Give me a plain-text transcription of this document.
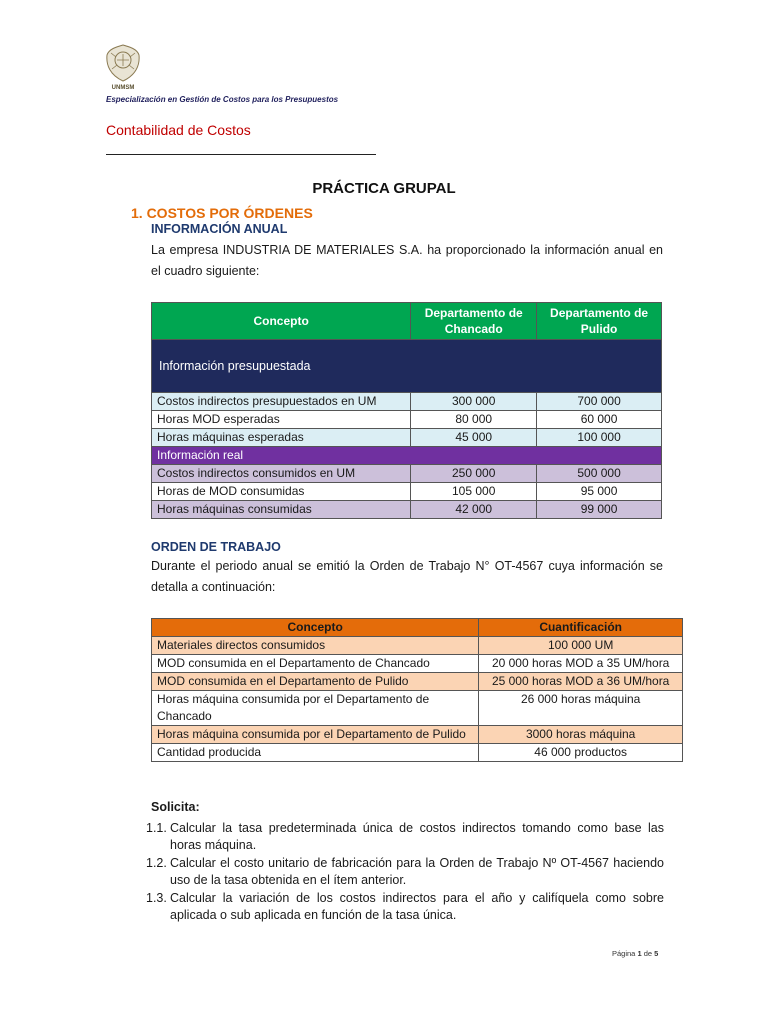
UNMSM
Especialización en Gestión de Costos para los Presupuestos
Contabilidad de Costos
PRÁCTICA GRUPAL
1. COSTOS POR ÓRDENES
INFORMACIÓN ANUAL
La empresa INDUSTRIA DE MATERIALES S.A. ha proporcionado la información anual en el cuadro siguiente:
Concepto	Departamento de Chancado	Departamento de Pulido
Información presupuestada		
Costos indirectos presupuestados en UM	300 000	700 000
Horas MOD esperadas	80 000	60 000
Horas máquinas esperadas	45 000	100 000
Información real		
Costos indirectos consumidos en UM	250 000	500 000
Horas de MOD consumidas	105 000	95 000
Horas máquinas consumidas	42 000	99 000
ORDEN DE TRABAJO
Durante el periodo anual se emitió la Orden de Trabajo N° OT-4567 cuya información se detalla a continuación:
Concepto	Cuantificación
Materiales directos consumidos	100 000 UM
MOD consumida en el Departamento de Chancado	20 000 horas MOD a 35 UM/hora
MOD consumida en el Departamento de Pulido	25 000 horas MOD a 36 UM/hora
Horas máquina consumida por el Departamento de Chancado	26 000 horas máquina
Horas máquina consumida por el Departamento de Pulido	3000 horas máquina
Cantidad producida	46 000 productos
Solicita:
1.1. Calcular la tasa predeterminada única de costos indirectos tomando como base las horas máquina.
1.2. Calcular el costo unitario de fabricación para la Orden de Trabajo Nº OT-4567 haciendo uso de la tasa obtenida en el ítem anterior.
1.3. Calcular la variación de los costos indirectos para el año y califíquela como sobre aplicada o sub aplicada en función de la tasa única.
Página 1 de 5
